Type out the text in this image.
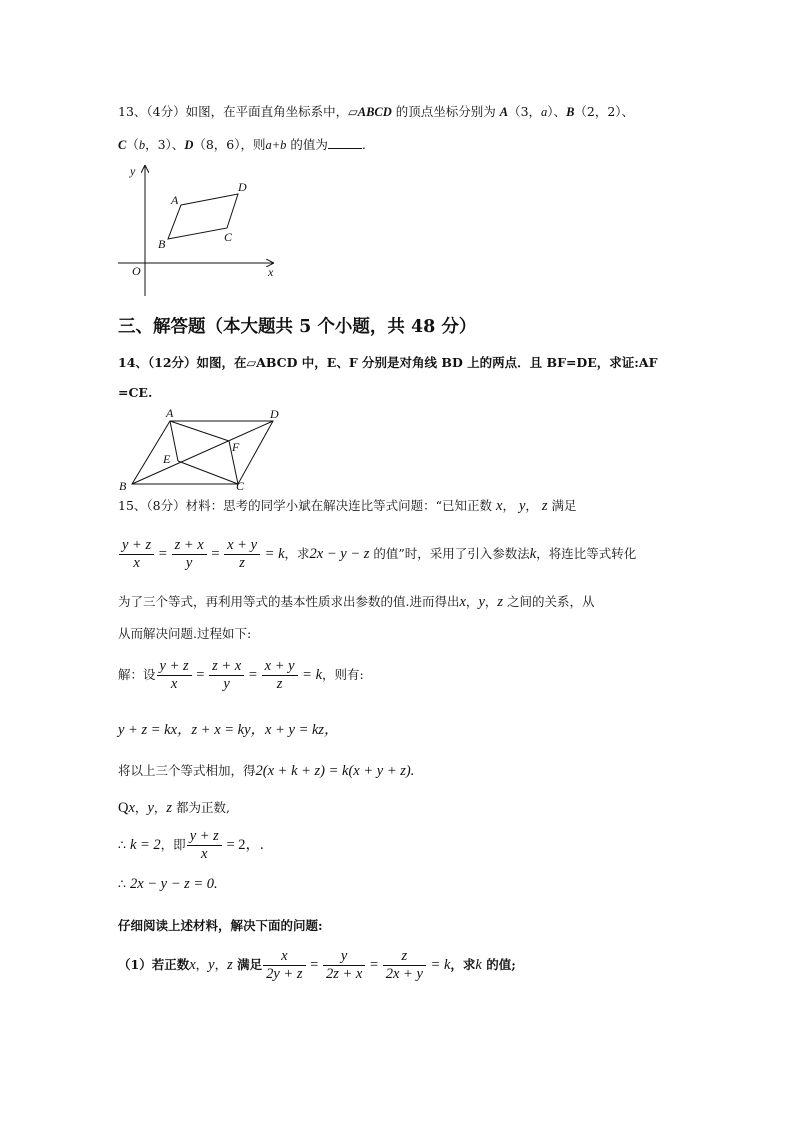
13、（4分）如图，在平面直角坐标系中，▱ABCD 的顶点坐标分别为 A（3，a）、B（2，2）、
C（b，3）、D（8，6），则a+b 的值为	.
y
x
O
A
D
B	C
三、解答题（本大题共 5 个小题，共 48 分）
14、（12分）如图，在▱ABCD 中，E、F 分别是对角线 BD 上的两点．且 BF=DE，求证:AF
=CE.
A	D
B	C
E
F
15、（8分）材料：思考的同学小斌在解决连比等式问题：“已知正数 x， y， z 满足
$\frac{y + z}{x} = \frac{z + x}{y} = \frac{x + y}{z} = k$，求2x − y − z 的值”时，采用了引入参数法k，将连比等式转化
为了三个等式，再利用等式的基本性质求出参数的值.进而得出x，y，z 之间的关系，从
从而解决问题.过程如下:
解：设 $\frac{y + z}{x} = \frac{z + x}{y} = \frac{x + y}{z} = k$，则有:
y + z = kx，z + x = ky，x + y = kz，
将以上三个等式相加，得2(x + k + z) = k(x + y + z).
Qx，y，z 都为正数,
∴ k = 2，即 $\frac{y + z}{x} = 2$，.
∴ 2x − y − z = 0.
仔细阅读上述材料，解决下面的问题:
（1）若正数x，y，z 满足 $\frac{x}{2y + z} = \frac{y}{2z + x} = \frac{z}{2x + y} = k$，求k 的值;
